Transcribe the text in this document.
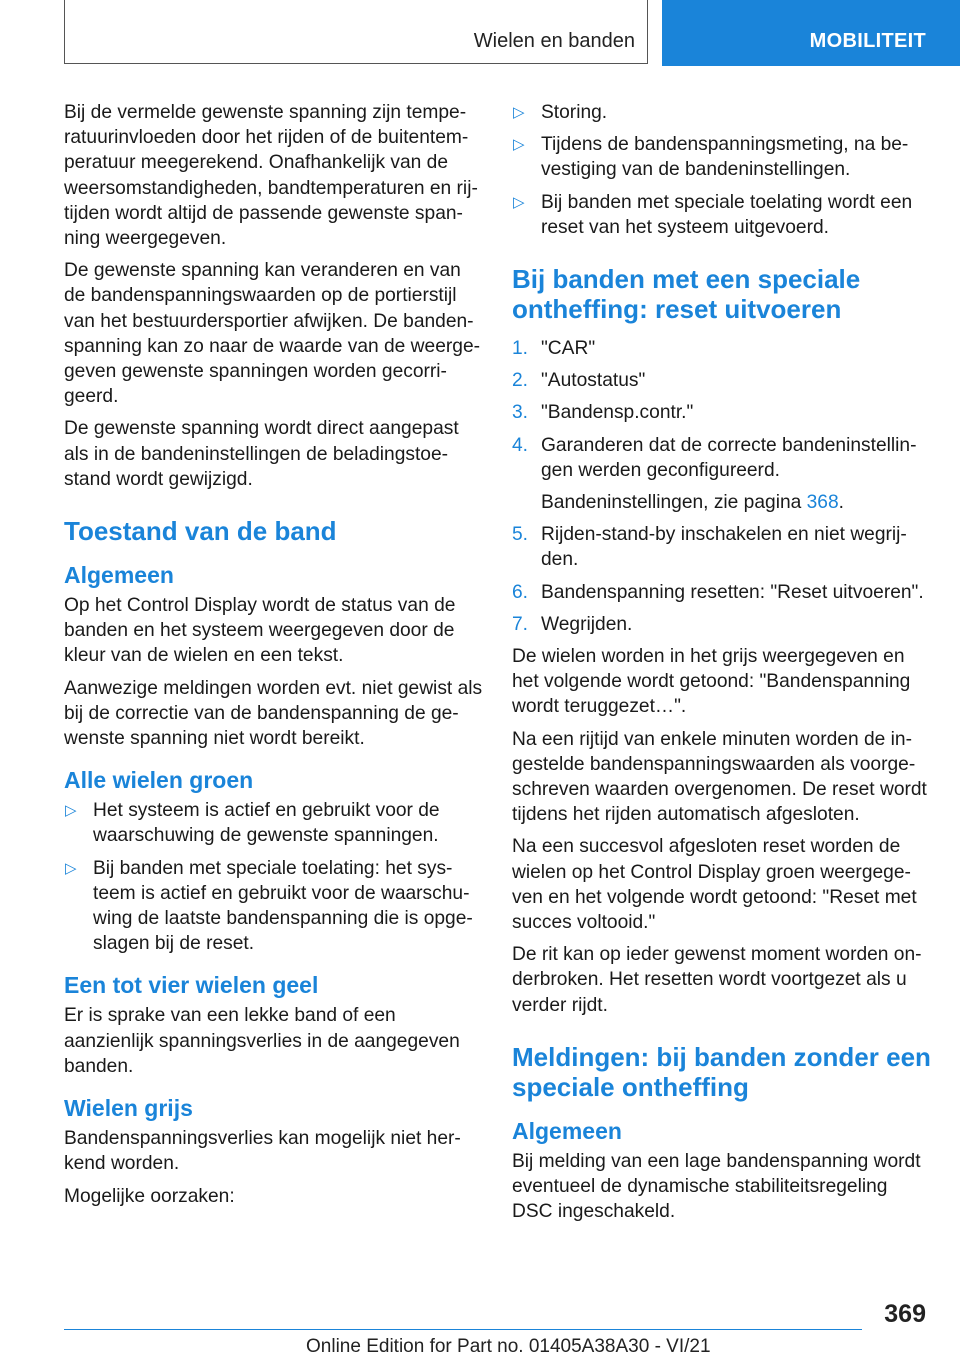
Wielen en banden	MOBILITEIT

Bij de vermelde gewenste spanning zijn tempe-ratuurinvloeden door het rijden of de buitentem-peratuur meegerekend. Onafhankelijk van de weersomstandigheden, bandtemperaturen en rij-tijden wordt altijd de passende gewenste span-ning weergegeven.

De gewenste spanning kan veranderen en van de bandenspanningswaarden op de portierstijl van het bestuurdersportier afwijken. De banden-spanning kan zo naar de waarde van de weerge-geven gewenste spanningen worden gecorri-geerd.

De gewenste spanning wordt direct aangepast als in de bandeninstellingen de beladingstoe-stand wordt gewijzigd.

Toestand van de band
Algemeen

Op het Control Display wordt de status van de banden en het systeem weergegeven door de kleur van de wielen en een tekst.

Aanwezige meldingen worden evt. niet gewist als bij de correctie van de bandenspanning de ge-wenste spanning niet wordt bereikt.

Alle wielen groen
▷ Het systeem is actief en gebruikt voor de waarschuwing de gewenste spanningen.
▷ Bij banden met speciale toelating: het sys-teem is actief en gebruikt voor de waarschu-wing de laatste bandenspanning die is opge-slagen bij de reset.
Een tot vier wielen geel

Er is sprake van een lekke band of een aanzienlijk spanningsverlies in de aangegeven banden.

Wielen grijs

Bandenspanningsverlies kan mogelijk niet her-kend worden.

Mogelijke oorzaken:

▷ Storing.
▷ Tijdens de bandenspanningsmeting, na be-vestiging van de bandeninstellingen.
▷ Bij banden met speciale toelating wordt een reset van het systeem uitgevoerd.
Bij banden met een speciale ontheffing: reset uitvoeren
1. "CAR"
2. "Autostatus"
3. "Bandensp.contr."
4. Garanderen dat de correcte bandeninstellin-gen werden geconfigureerd.
Bandeninstellingen, zie pagina 368.
5. Rijden-stand-by inschakelen en niet wegrij-den.
6. Bandenspanning resetten: "Reset uitvoeren".
7. Wegrijden.

De wielen worden in het grijs weergegeven en het volgende wordt getoond: "Bandenspanning wordt teruggezet…".

Na een rijtijd van enkele minuten worden de in-gestelde bandenspanningswaarden als voorge-schreven waarden overgenomen. De reset wordt tijdens het rijden automatisch afgesloten.

Na een succesvol afgesloten reset worden de wielen op het Control Display groen weergege-ven en het volgende wordt getoond: "Reset met succes voltooid."

De rit kan op ieder gewenst moment worden on-derbroken. Het resetten wordt voortgezet als u verder rijdt.

Meldingen: bij banden zonder een speciale ontheffing
Algemeen

Bij melding van een lage bandenspanning wordt eventueel de dynamische stabiliteitsregeling DSC ingeschakeld.

369
Online Edition for Part no. 01405A38A30 - VI/21
